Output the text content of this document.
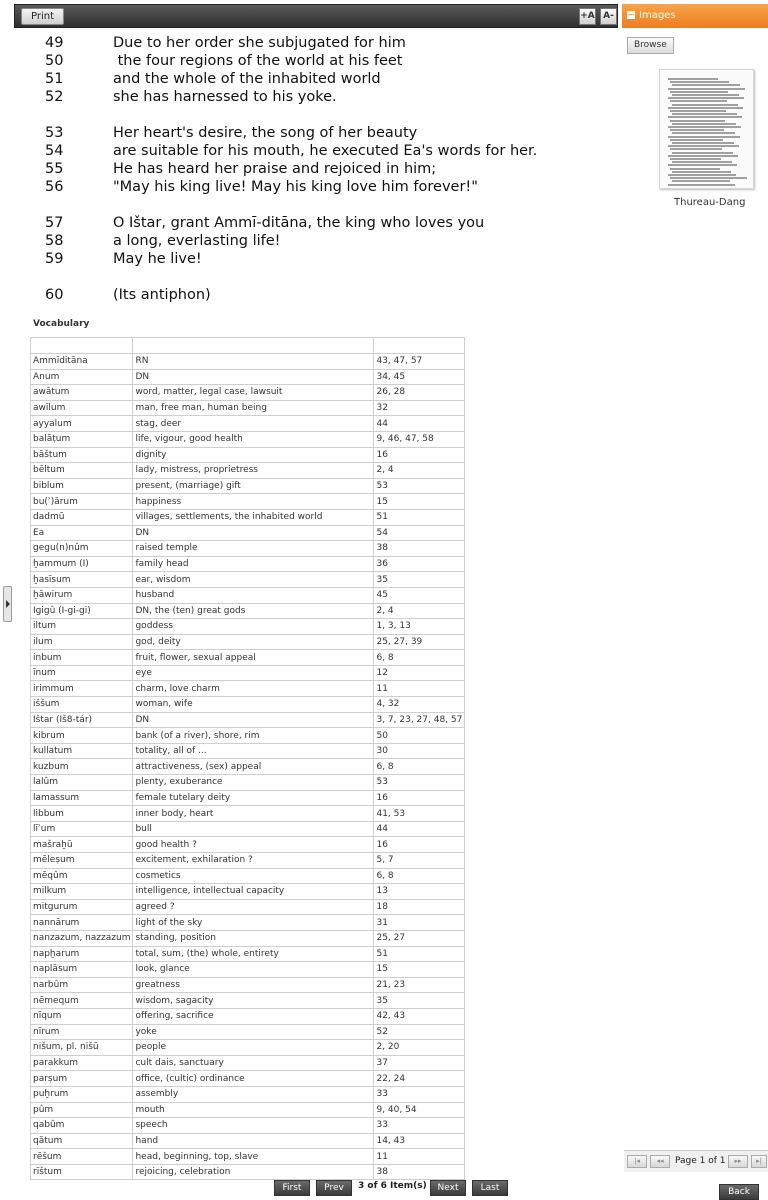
Print	+A A-	− Images
Browse
Thureau-Dang
49	Due to her order she subjugated for him
50	the four regions of the world at his feet
51	and the whole of the inhabited world
52	she has harnessed to his yoke.
53	Her heart's desire, the song of her beauty
54	are suitable for his mouth, he executed Ea's words for her.
55	He has heard her praise and rejoiced in him;
56	"May his king live! May his king love him forever!"
57	O Ištar, grant Ammī-ditāna, the king who loves you
58	a long, everlasting life!
59	May he live!
60	(Its antiphon)
Vocabulary

Ammīditāna	RN	43, 47, 57
Anum	DN	34, 45
awātum	word, matter, legal case, lawsuit	26, 28
awīlum	man, free man, human being	32
ayyalum	stag, deer	44
balāṭum	life, vigour, good health	9, 46, 47, 58
bāštum	dignity	16
bēltum	lady, mistress, proprietress	2, 4
biblum	present, (marriage) gift	53
bu(ʾ)ārum	happiness	15
dadmū	villages, settlements, the inhabited world	51
Ea	DN	54
gegu(n)nûm	raised temple	38
ḫammum (I)	family head	36
ḫasīsum	ear, wisdom	35
ḫāwirum	husband	45
Igigû (I-gi-gi)	DN, the (ten) great gods	2, 4
iltum	goddess	1, 3, 13
ilum	god, deity	25, 27, 39
inbum	fruit, flower, sexual appeal	6, 8
īnum	eye	12
irimmum	charm, love charm	11
iššum	woman, wife	4, 32
Ištar (Iš8-tár)	DN	3, 7, 23, 27, 48, 57
kibrum	bank (of a river), shore, rim	50
kullatum	totality, all of ...	30
kuzbum	attractiveness, (sex) appeal	6, 8
lalûm	plenty, exuberance	53
lamassum	female tutelary deity	16
libbum	inner body, heart	41, 53
līʾum	bull	44
mašraḫū	good health ?	16
mēleṣum	excitement, exhilaration ?	5, 7
mēqûm	cosmetics	6, 8
milkum	intelligence, intellectual capacity	13
mitgurum	agreed ?	18
nannārum	light of the sky	31
nanzazum, nazzazum	standing, position	25, 27
napḫarum	total, sum, (the) whole, entirety	51
naplāsum	look, glance	15
narbûm	greatness	21, 23
nēmequm	wisdom, sagacity	35
nīqum	offering, sacrifice	42, 43
nīrum	yoke	52
nišum, pl. nišū	people	2, 20
parakkum	cult dais, sanctuary	37
parṣum	office, (cultic) ordinance	22, 24
puḫrum	assembly	33
pûm	mouth	9, 40, 54
qabûm	speech	33
qātum	hand	14, 43
rēšum	head, beginning, top, slave	11
rīštum	rejoicing, celebration	38
First	Prev	3 of 6 Item(s)	Next	Last
|◂	◂◂	Page 1 of 1	▸▸	▸|
Back
